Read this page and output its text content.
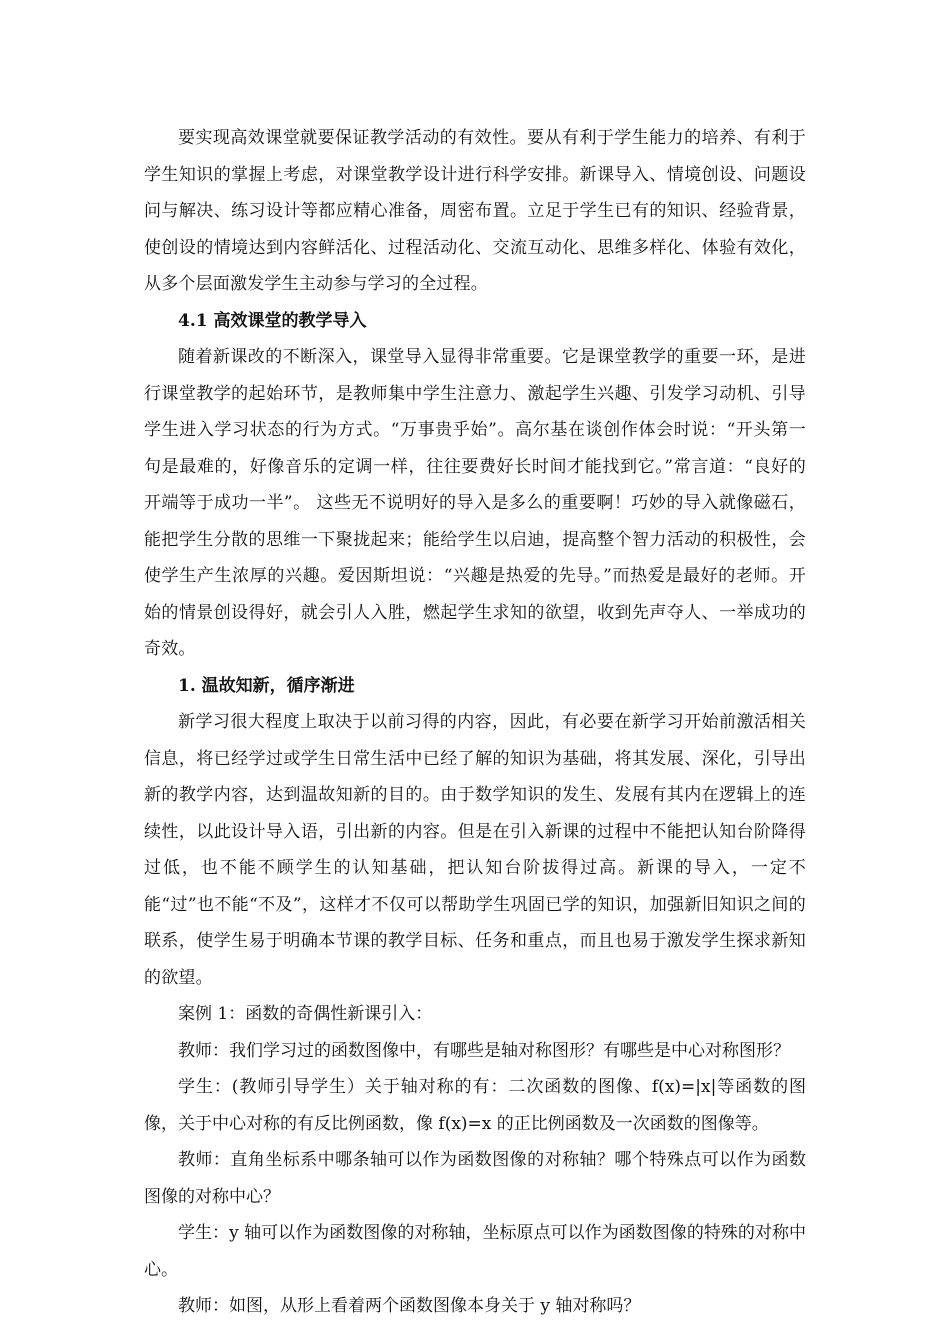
要实现高效课堂就要保证教学活动的有效性。要从有利于学生能力的培养、有利于学生知识的掌握上考虑，对课堂教学设计进行科学安排。新课导入、情境创设、问题设问与解决、练习设计等都应精心准备，周密布置。立足于学生已有的知识、经验背景，使创设的情境达到内容鲜活化、过程活动化、交流互动化、思维多样化、体验有效化，从多个层面激发学生主动参与学习的全过程。

4.1 高效课堂的教学导入

随着新课改的不断深入，课堂导入显得非常重要。它是课堂教学的重要一环，是进行课堂教学的起始环节，是教师集中学生注意力、激起学生兴趣、引发学习动机、引导学生进入学习状态的行为方式。“万事贵乎始”。高尔基在谈创作体会时说：“开头第一句是最难的，好像音乐的定调一样，往往要费好长时间才能找到它。”常言道：“良好的开端等于成功一半”。 这些无不说明好的导入是多么的重要啊！巧妙的导入就像磁石，能把学生分散的思维一下聚拢起来；能给学生以启迪，提高整个智力活动的积极性，会使学生产生浓厚的兴趣。爱因斯坦说：“兴趣是热爱的先导。”而热爱是最好的老师。开始的情景创设得好，就会引人入胜，燃起学生求知的欲望，收到先声夺人、一举成功的奇效。

1. 温故知新，循序渐进

新学习很大程度上取决于以前习得的内容，因此，有必要在新学习开始前激活相关信息，将已经学过或学生日常生活中已经了解的知识为基础，将其发展、深化，引导出新的教学内容，达到温故知新的目的。由于数学知识的发生、发展有其内在逻辑上的连续性，以此设计导入语，引出新的内容。但是在引入新课的过程中不能把认知台阶降得过低，也不能不顾学生的认知基础，把认知台阶拔得过高。新课的导入，一定不能“过”也不能“不及”，这样才不仅可以帮助学生巩固已学的知识，加强新旧知识之间的联系，使学生易于明确本节课的教学目标、任务和重点，而且也易于激发学生探求新知的欲望。

案例 1：函数的奇偶性新课引入：

教师：我们学习过的函数图像中，有哪些是轴对称图形？有哪些是中心对称图形？

学生：(教师引导学生）关于轴对称的有：二次函数的图像、f(x)=|x|等函数的图像，关于中心对称的有反比例函数，像 f(x)=x 的正比例函数及一次函数的图像等。

教师：直角坐标系中哪条轴可以作为函数图像的对称轴？哪个特殊点可以作为函数图像的对称中心？

学生：y 轴可以作为函数图像的对称轴，坐标原点可以作为函数图像的特殊的对称中心。

教师：如图，从形上看着两个函数图像本身关于 y 轴对称吗？
